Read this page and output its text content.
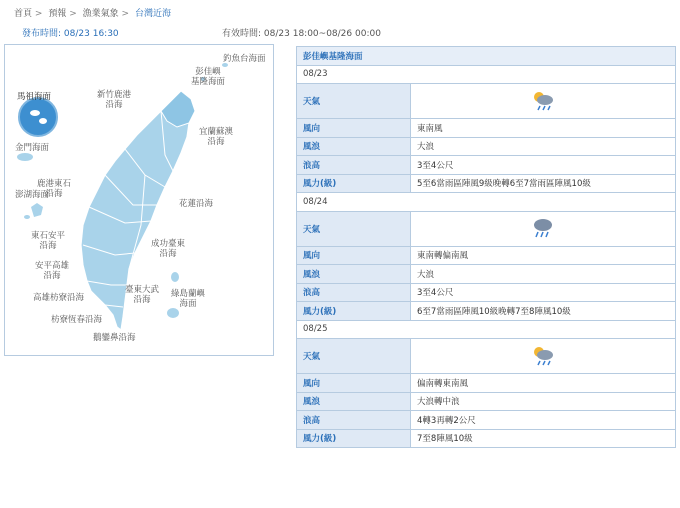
首頁 > 預報 > 漁業氣象 > 台灣近海
發布時間: 08/23 16:30	有效時間: 08/23 18:00~08/26 00:00
釣魚台海面
彭佳嶼
基隆海面
馬祖海面	新竹鹿港
沿海
宜蘭蘇澳
沿海
金門海面
鹿港東石
沿海
澎湖海面
花蓮沿海
東石安平
沿海	成功臺東
沿海
安平高雄
沿海
高雄枋寮沿海
臺東大武
沿海
綠島蘭嶼
海面
枋寮恆春沿海
鵝鑾鼻沿海
彭佳嶼基隆海面	
08/23	
天氣	
風向	東南風
風浪	大浪
浪高	3至4公尺
風力(級)	5至6當雨區陣風9級晚轉6至7當雨區陣風10級
08/24	
天氣	
風向	東南轉偏南風
風浪	大浪
浪高	3至4公尺
風力(級)	6至7當雨區陣風10級晚轉7至8陣風10級
08/25	
天氣	
風向	偏南轉東南風
風浪	大浪轉中浪
浪高	4轉3再轉2公尺
風力(級)	7至8陣風10級
